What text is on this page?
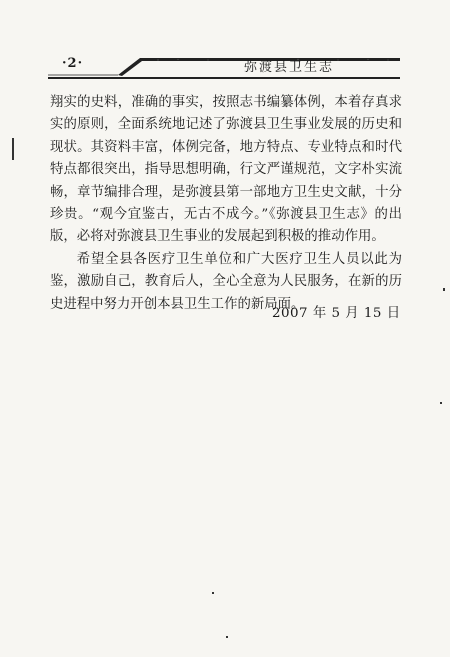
·2·	弥渡县卫生志

翔实的史料，准确的事实，按照志书编纂体例，本着存真求实的原则，全面系统地记述了弥渡县卫生事业发展的历史和现状。其资料丰富，体例完备，地方特点、专业特点和时代特点都很突出，指导思想明确，行文严谨规范，文字朴实流畅，章节编排合理，是弥渡县第一部地方卫生史文献，十分珍贵。“观今宜鉴古，无古不成今。”《弥渡县卫生志》的出版，必将对弥渡县卫生事业的发展起到积极的推动作用。

希望全县各医疗卫生单位和广大医疗卫生人员以此为鉴，激励自己，教育后人，全心全意为人民服务，在新的历史进程中努力开创本县卫生工作的新局面。

2007 年 5 月 15 日
